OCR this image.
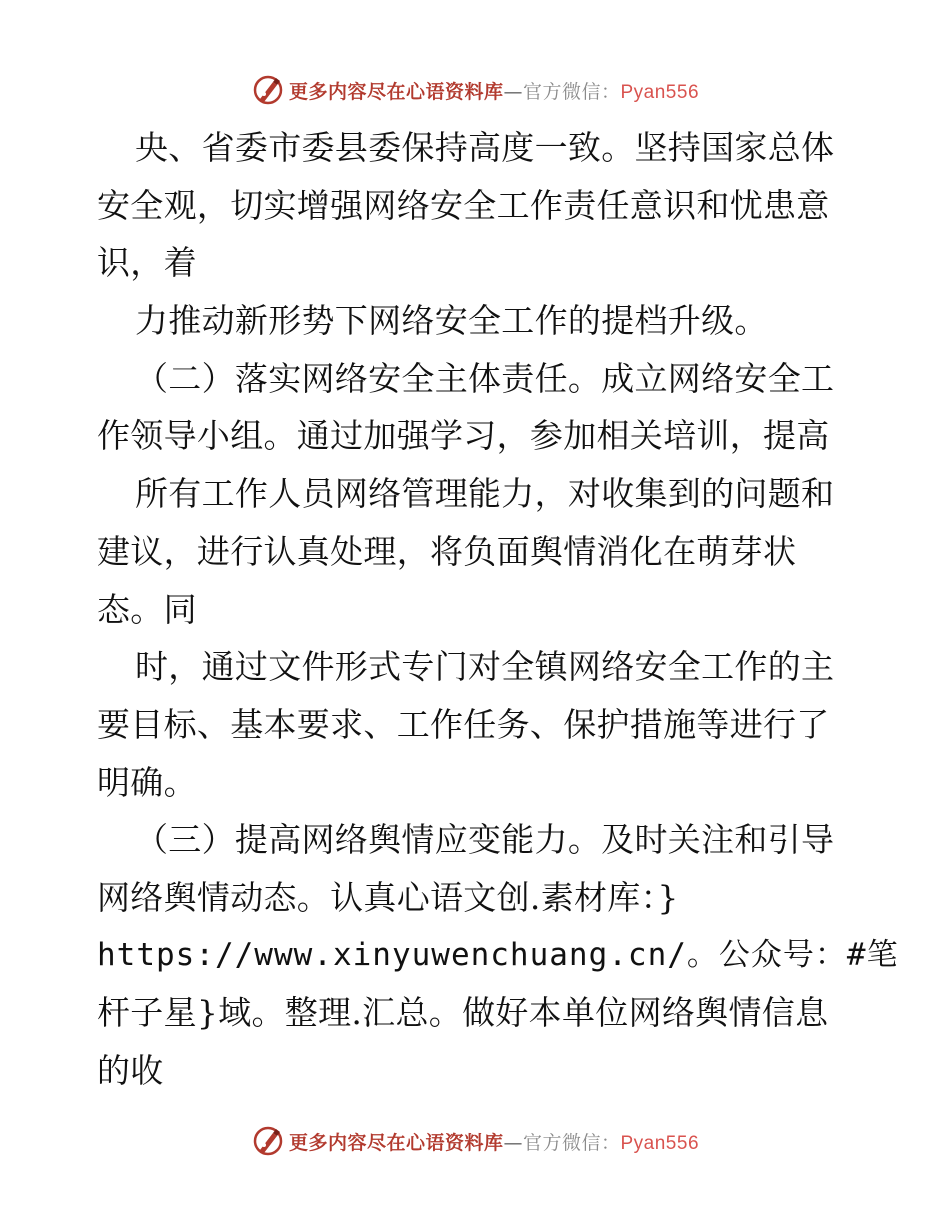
更多内容尽在心语资料库—官方微信：Pyan556
央、省委市委县委保持高度一致。坚持国家总体
安全观，切实增强网络安全工作责任意识和忧患意
识，着
力推动新形势下网络安全工作的提档升级。
（二）落实网络安全主体责任。成立网络安全工
作领导小组。通过加强学习，参加相关培训，提高
所有工作人员网络管理能力，对收集到的问题和
建议，进行认真处理，将负面舆情消化在萌芽状
态。同
时，通过文件形式专门对全镇网络安全工作的主
要目标、基本要求、工作任务、保护措施等进行了
明确。
（三）提高网络舆情应变能力。及时关注和引导
网络舆情动态。认真心语文创.素材库：}
https://www.xinyuwenchuang.cn/。公众号：#笔
杆子星}域。整理.汇总。做好本单位网络舆情信息
的收
更多内容尽在心语资料库—官方微信：Pyan556
